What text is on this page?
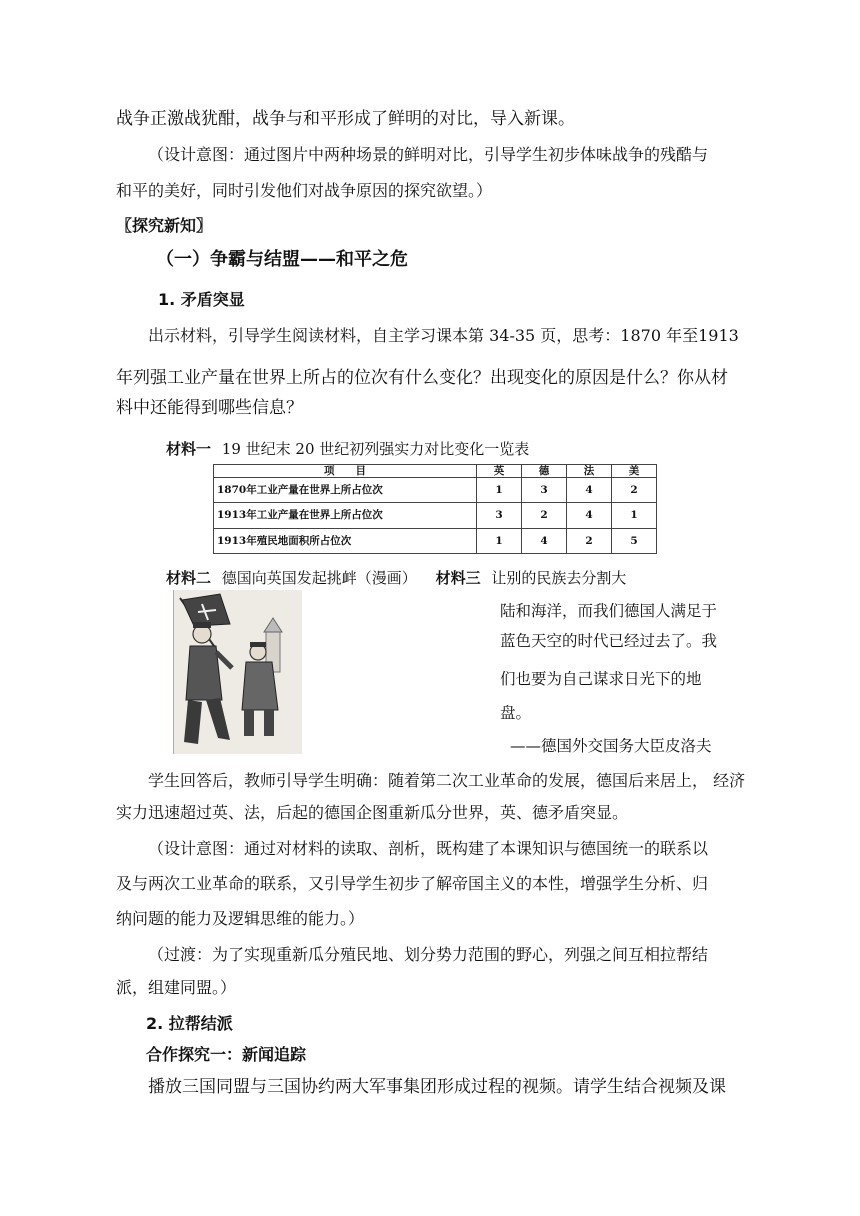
战争正激战犹酣，战争与和平形成了鲜明的对比，导入新课。
（设计意图：通过图片中两种场景的鲜明对比，引导学生初步体味战争的残酷与
和平的美好，同时引发他们对战争原因的探究欲望。）
〖探究新知〗
（一）争霸与结盟——和平之危
1. 矛盾突显
出示材料，引导学生阅读材料，自主学习课本第 34-35 页，思考：1870 年至1913
年列强工业产量在世界上所占的位次有什么变化？出现变化的原因是什么？你从材
料中还能得到哪些信息？
材料一 19 世纪末 20 世纪初列强实力对比变化一览表
项　　目	英	德	法	美
1870年工业产量在世界上所占位次	1	3	4	2
1913年工业产量在世界上所占位次	3	2	4	1
1913年殖民地面积所占位次	1	4	2	5
材料二 德国向英国发起挑衅（漫画） 材料三 让别的民族去分割大
陆和海洋，而我们德国人满足于
蓝色天空的时代已经过去了。我
们也要为自己谋求日光下的地
盘。
——德国外交国务大臣皮洛夫
学生回答后，教师引导学生明确：随着第二次工业革命的发展，德国后来居上， 经济
实力迅速超过英、法，后起的德国企图重新瓜分世界，英、德矛盾突显。
（设计意图：通过对材料的读取、剖析，既构建了本课知识与德国统一的联系以
及与两次工业革命的联系，又引导学生初步了解帝国主义的本性，增强学生分析、归
纳问题的能力及逻辑思维的能力。）
（过渡：为了实现重新瓜分殖民地、划分势力范围的野心，列强之间互相拉帮结
派，组建同盟。）
2. 拉帮结派
合作探究一：新闻追踪
播放三国同盟与三国协约两大军事集团形成过程的视频。请学生结合视频及课
